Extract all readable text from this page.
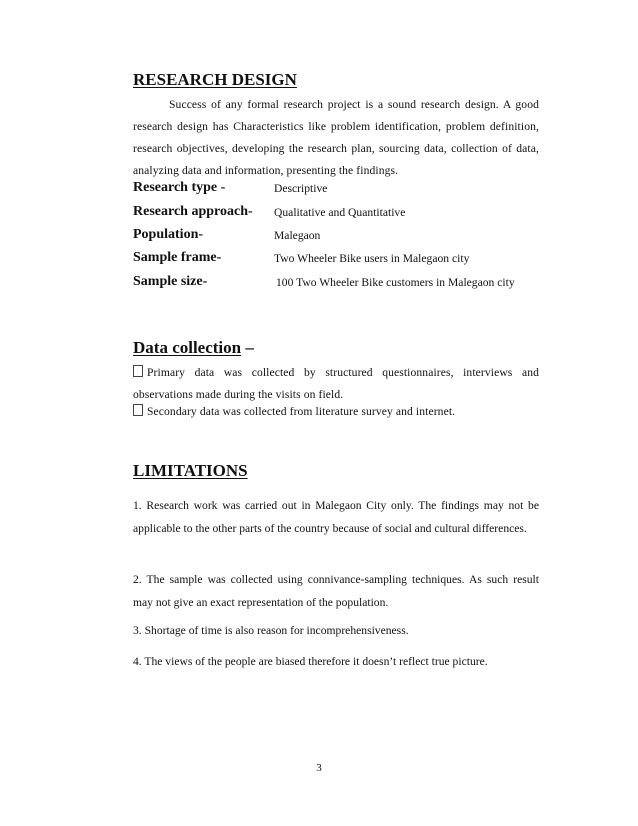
RESEARCH DESIGN
Success of any formal research project is a sound research design. A good research design has Characteristics like problem identification, problem definition, research objectives, developing the research plan, sourcing data, collection of data, analyzing data and information, presenting the findings.
Research type -	Descriptive
Research approach- Qualitative and Quantitative
Population-	Malegaon
Sample frame-	Two Wheeler Bike users in Malegaon city
Sample size-	100 Two Wheeler Bike customers in Malegaon city
Data collection –
Primary data was collected by structured questionnaires, interviews and observations made during the visits on field.
Secondary data was collected from literature survey and internet.
LIMITATIONS
1. Research work was carried out in Malegaon City only. The findings may not be applicable to the other parts of the country because of social and cultural differences.
2. The sample was collected using connivance-sampling techniques. As such result may not give an exact representation of the population.
3. Shortage of time is also reason for incomprehensiveness.
4. The views of the people are biased therefore it doesn’t reflect true picture.
3
